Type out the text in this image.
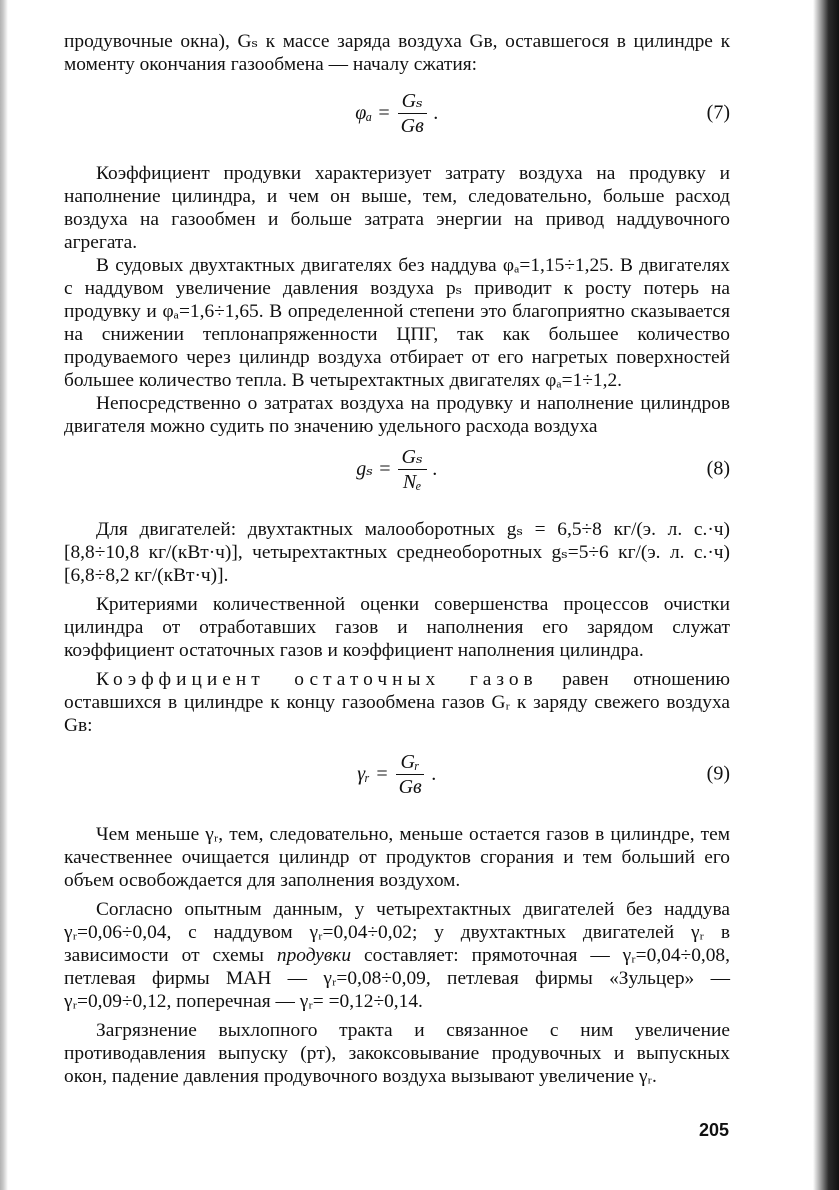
продувочные окна), Gₛ к массе заряда воздуха Gв, оставшегося в цилиндре к моменту окончания газообмена — началу сжатия:

$\varphi_a = \frac{\text{Gₛ}}{Gв}$ .	(7)

Коэффициент продувки характеризует затрату воздуха на продувку и наполнение цилиндра, и чем он выше, тем, следовательно, больше расход воздуха на газообмен и больше затрата энергии на привод наддувочного агрегата.

В судовых двухтактных двигателях без наддува φₐ=1,15÷1,25. В двигателях с наддувом увеличение давления воздуха pₛ приводит к росту потерь на продувку и φₐ=1,6÷1,65. В определенной степени это благоприятно сказывается на снижении теплонапряженности ЦПГ, так как большее количество продуваемого через цилиндр воздуха отбирает от его нагретых поверхностей большее количество тепла. В четырехтактных двигателях φₐ=1÷1,2.

Непосредственно о затратах воздуха на продувку и наполнение цилиндров двигателя можно судить по значению удельного расхода воздуха

$g_s = \frac{\text{Gₛ}}{\text{Nₑ}}$ .	(8)

Для двигателей: двухтактных малооборотных gₛ = 6,5÷8 кг/(э. л. с.·ч) [8,8÷10,8 кг/(кВт·ч)], четырехтактных среднеоборотных gₛ=5÷6 кг/(э. л. с.·ч) [6,8÷8,2 кг/(кВт·ч)].

Критериями количественной оценки совершенства процессов очистки цилиндра от отработавших газов и наполнения его зарядом служат коэффициент остаточных газов и коэффициент наполнения цилиндра.

Коэффициент остаточных газов равен отношению оставшихся в цилиндре к концу газообмена газов Gᵣ к заряду свежего воздуха Gв:

γᵣ = $\frac{\text{Gᵣ}}{Gв}$ .	(9)

Чем меньше γᵣ, тем, следовательно, меньше остается газов в цилиндре, тем качественнее очищается цилиндр от продуктов сгорания и тем больший его объем освобождается для заполнения воздухом.

Согласно опытным данным, у четырехтактных двигателей без наддува γᵣ=0,06÷0,04, с наддувом γᵣ=0,04÷0,02; у двухтактных двигателей γᵣ в зависимости от схемы продувки составляет: прямоточная — γᵣ=0,04÷0,08, петлевая фирмы МАН — γᵣ=0,08÷0,09, петлевая фирмы «Зульцер» — γᵣ=0,09÷0,12, поперечная — γᵣ= =0,12÷0,14.

Загрязнение выхлопного тракта и связанное с ним увеличение противодавления выпуску (pт), закоксовывание продувочных и выпускных окон, падение давления продувочного воздуха вызывают увеличение γᵣ.

205
